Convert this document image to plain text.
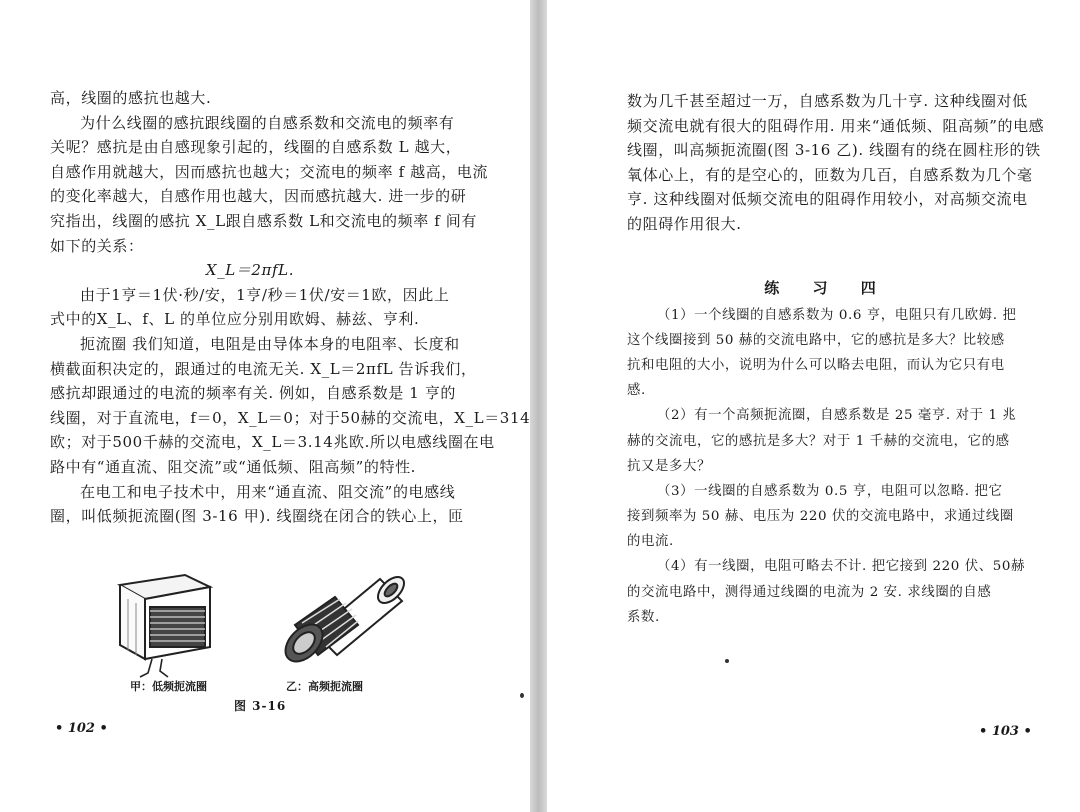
高，线圈的感抗也越大.
为什么线圈的感抗跟线圈的自感系数和交流电的频率有
关呢？感抗是由自感现象引起的，线圈的自感系数 L 越大，
自感作用就越大，因而感抗也越大；交流电的频率 f 越高，电流
的变化率越大，自感作用也越大，因而感抗越大. 进一步的研
究指出，线圈的感抗 X_L跟自感系数 L和交流电的频率 f 间有
如下的关系：
X_L＝2πfL.
由于1亨＝1伏·秒/安，1亨/秒＝1伏/安＝1欧，因此上
式中的X_L、f、L 的单位应分别用欧姆、赫兹、亨利.
扼流圈 我们知道，电阻是由导体本身的电阻率、长度和
横截面积决定的，跟通过的电流无关. X_L＝2πfL 告诉我们，
感抗却跟通过的电流的频率有关. 例如，自感系数是 1 亨的
线圈，对于直流电，f＝0，X_L＝0；对于50赫的交流电，X_L＝314
欧；对于500千赫的交流电，X_L＝3.14兆欧.所以电感线圈在电
路中有“通直流、阻交流”或“通低频、阻高频”的特性.
在电工和电子技术中，用来“通直流、阻交流”的电感线
圈，叫低频扼流圈(图 3-16 甲). 线圈绕在闭合的铁心上，匝
甲：低频扼流圈	乙：高频扼流圈
图 3-16
• 102 •
数为几千甚至超过一万，自感系数为几十亨. 这种线圈对低
频交流电就有很大的阻碍作用. 用来“通低频、阻高频”的电感
线圈，叫高频扼流圈(图 3-16 乙). 线圈有的绕在圆柱形的铁
氧体心上，有的是空心的，匝数为几百，自感系数为几个毫
亨. 这种线圈对低频交流电的阻碍作用较小，对高频交流电
的阻碍作用很大.
练 习 四
（1）一个线圈的自感系数为 0.6 亨，电阻只有几欧姆. 把
这个线圈接到 50 赫的交流电路中，它的感抗是多大？比较感
抗和电阻的大小，说明为什么可以略去电阻，而认为它只有电
感.
（2）有一个高频扼流圈，自感系数是 25 毫亨. 对于 1 兆
赫的交流电，它的感抗是多大？对于 1 千赫的交流电，它的感
抗又是多大？
（3）一线圈的自感系数为 0.5 亨，电阻可以忽略. 把它
接到频率为 50 赫、电压为 220 伏的交流电路中，求通过线圈
的电流.
（4）有一线圈，电阻可略去不计. 把它接到 220 伏、50赫
的交流电路中，测得通过线圈的电流为 2 安. 求线圈的自感
系数.
• 103 •
